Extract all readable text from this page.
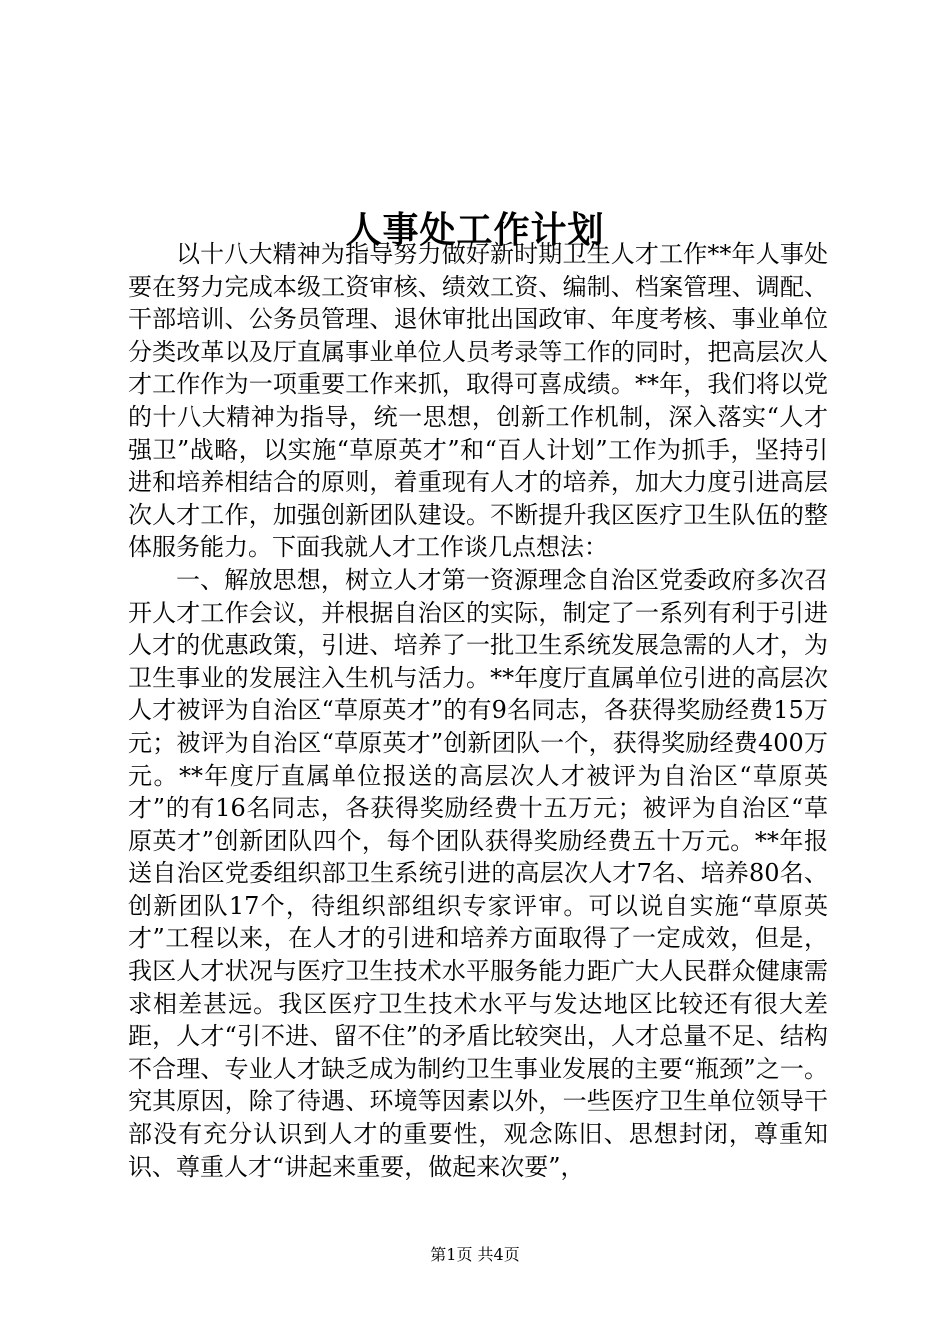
人事处工作计划

以十八大精神为指导努力做好新时期卫生人才工作**年人事处要在努力完成本级工资审核、绩效工资、编制、档案管理、调配、干部培训、公务员管理、退休审批出国政审、年度考核、事业单位分类改革以及厅直属事业单位人员考录等工作的同时，把高层次人才工作作为一项重要工作来抓，取得可喜成绩。**年，我们将以党的十八大精神为指导，统一思想，创新工作机制，深入落实“人才强卫”战略，以实施“草原英才”和“百人计划”工作为抓手，坚持引进和培养相结合的原则，着重现有人才的培养，加大力度引进高层次人才工作，加强创新团队建设。不断提升我区医疗卫生队伍的整体服务能力。下面我就人才工作谈几点想法：

一、解放思想，树立人才第一资源理念自治区党委政府多次召开人才工作会议，并根据自治区的实际，制定了一系列有利于引进人才的优惠政策，引进、培养了一批卫生系统发展急需的人才，为卫生事业的发展注入生机与活力。**年度厅直属单位引进的高层次人才被评为自治区“草原英才”的有9名同志，各获得奖励经费15万元；被评为自治区“草原英才”创新团队一个，获得奖励经费400万元。**年度厅直属单位报送的高层次人才被评为自治区“草原英才”的有16名同志，各获得奖励经费十五万元；被评为自治区“草原英才”创新团队四个，每个团队获得奖励经费五十万元。**年报送自治区党委组织部卫生系统引进的高层次人才7名、培养80名、创新团队17个，待组织部组织专家评审。可以说自实施“草原英才”工程以来，在人才的引进和培养方面取得了一定成效，但是，我区人才状况与医疗卫生技术水平服务能力距广大人民群众健康需求相差甚远。我区医疗卫生技术水平与发达地区比较还有很大差距，人才“引不进、留不住”的矛盾比较突出，人才总量不足、结构不合理、专业人才缺乏成为制约卫生事业发展的主要“瓶颈”之一。究其原因，除了待遇、环境等因素以外，一些医疗卫生单位领导干部没有充分认识到人才的重要性，观念陈旧、思想封闭，尊重知识、尊重人才“讲起来重要，做起来次要”，

第1页 共4页
